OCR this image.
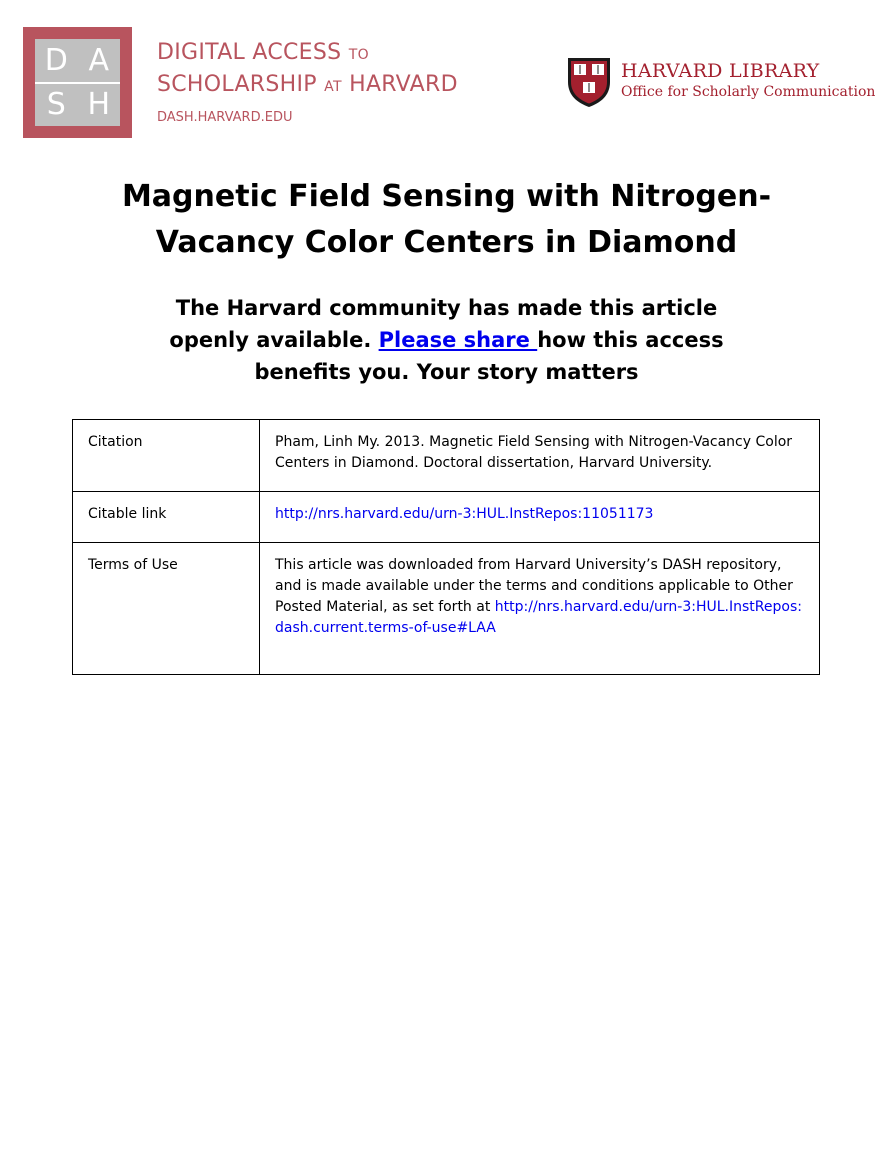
D A
S H
DIGITAL ACCESS TO
SCHOLARSHIP AT HARVARD
DASH.HARVARD.EDU
HARVARD LIBRARY
Office for Scholarly Communication
Magnetic Field Sensing with Nitrogen-
Vacancy Color Centers in Diamond
The Harvard community has made this article openly available. Please share how this access benefits you. Your story matters
Citation	Pham, Linh My. 2013. Magnetic Field Sensing with Nitrogen-Vacancy Color Centers in Diamond. Doctoral dissertation, Harvard University.
Citable link	http://nrs.harvard.edu/urn-3:HUL.InstRepos:11051173
Terms of Use	This article was downloaded from Harvard University’s DASH repository, and is made available under the terms and conditions applicable to Other Posted Material, as set forth at http://nrs.harvard.edu/urn-3:HUL.InstRepos:dash.current.terms-of-use#LAA
